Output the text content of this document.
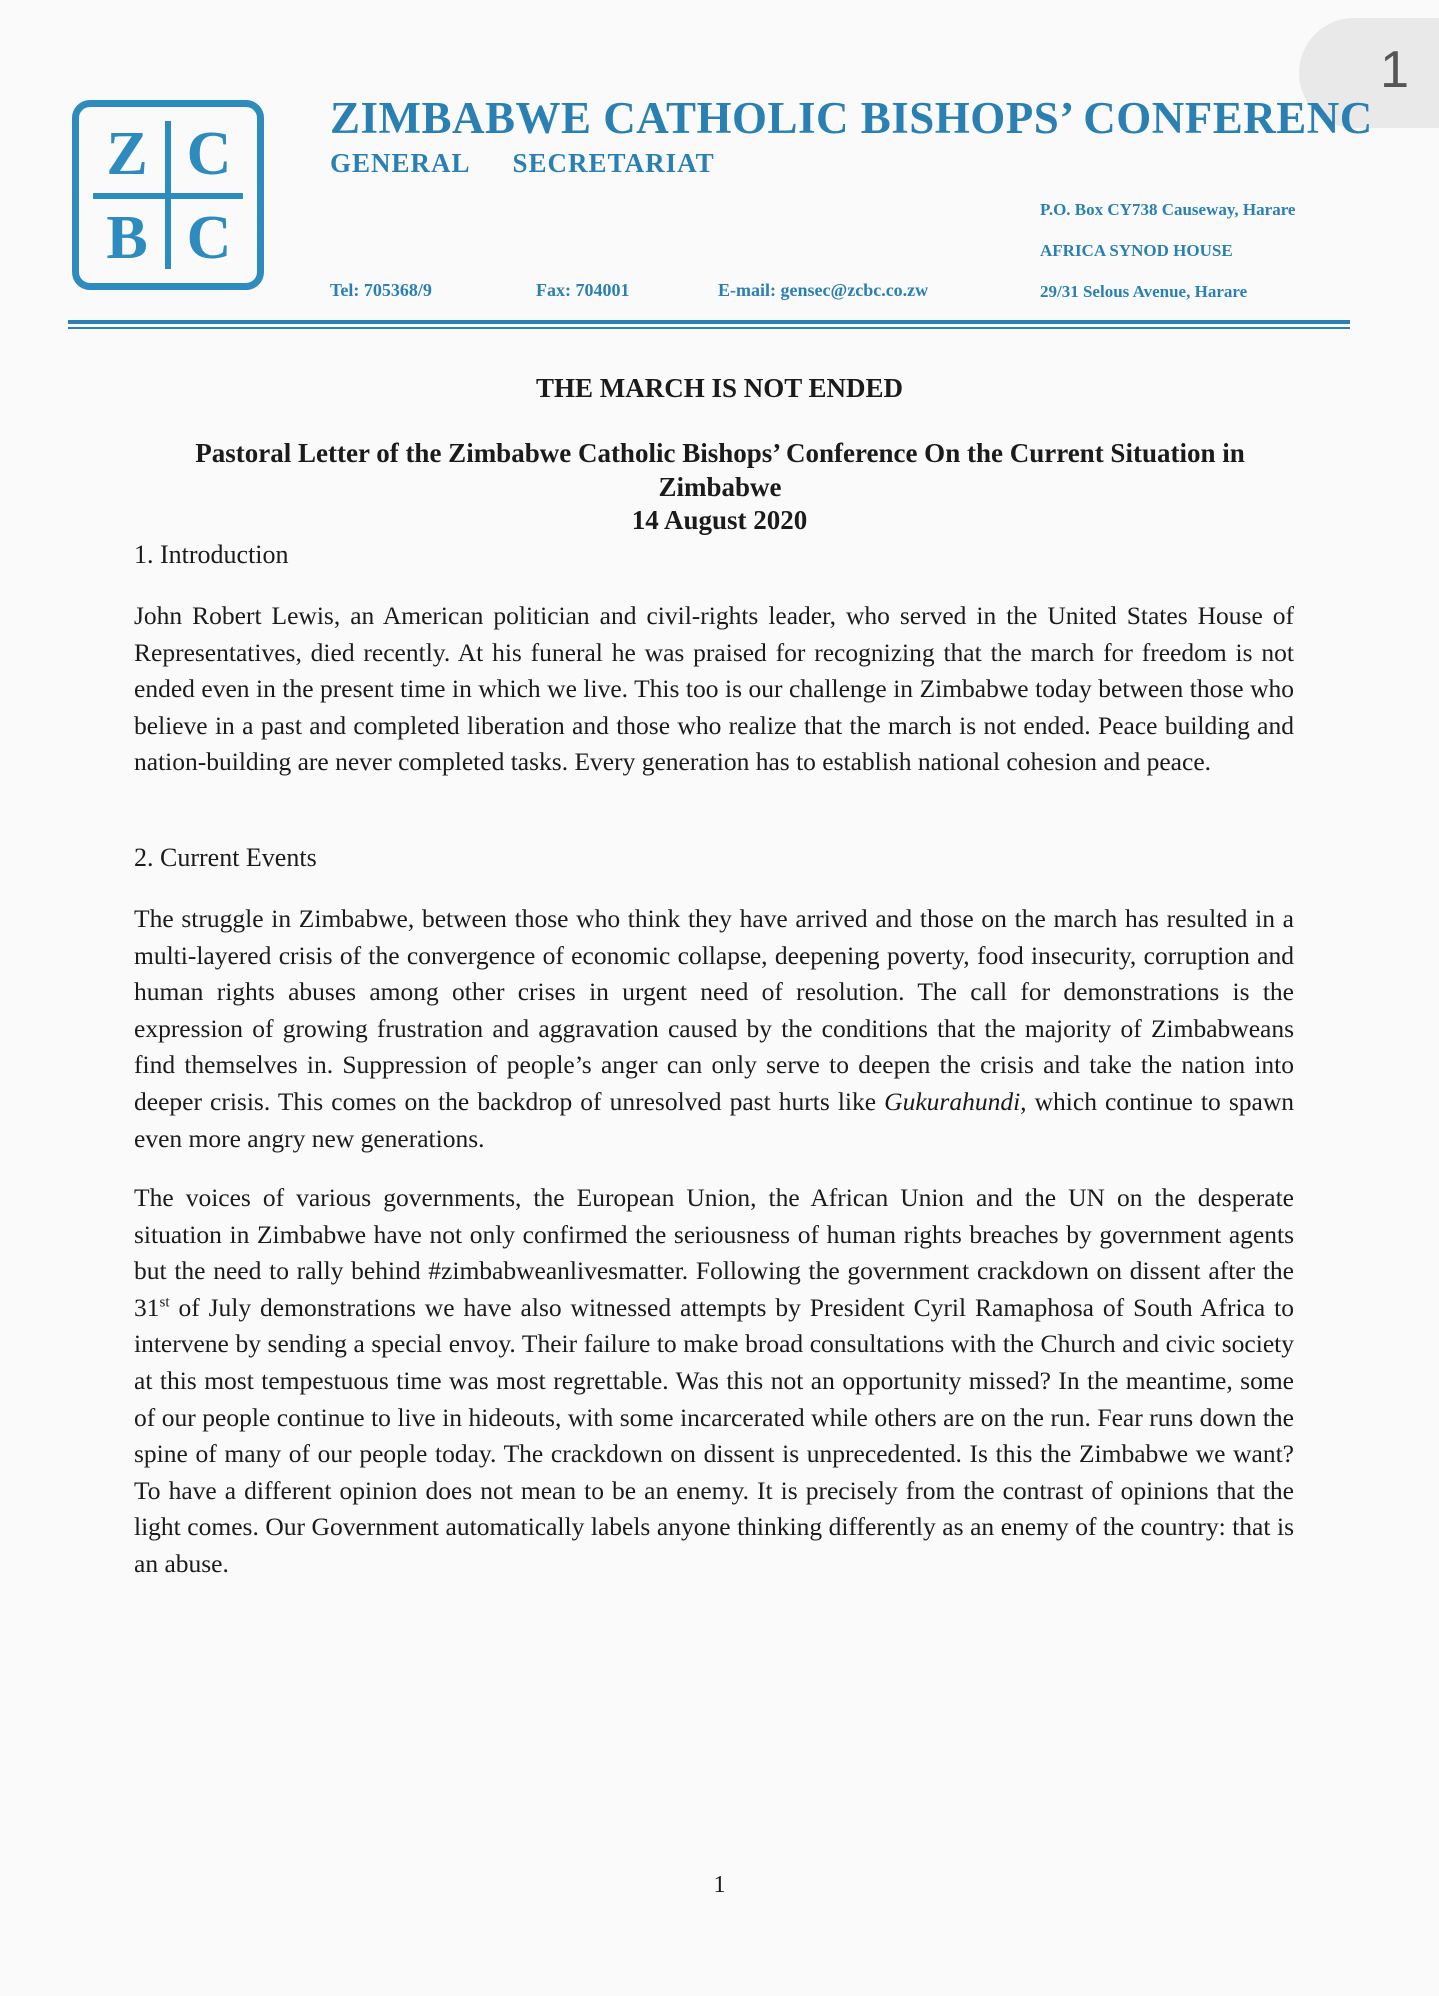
1
Z C
B C
ZIMBABWE CATHOLIC BISHOPS’ CONFERENC
GENERAL SECRETARIAT
P.O. Box CY738 Causeway, Harare
AFRICA SYNOD HOUSE
29/31 Selous Avenue, Harare
Tel: 705368/9	Fax: 704001	E-mail: gensec@zcbc.co.zw
THE MARCH IS NOT ENDED
Pastoral Letter of the Zimbabwe Catholic Bishops’ Conference On the Current Situation in Zimbabwe
14 August 2020
1. Introduction
John Robert Lewis, an American politician and civil-rights leader, who served in the United States House of Representatives, died recently. At his funeral he was praised for recognizing that the march for freedom is not ended even in the present time in which we live. This too is our challenge in Zimbabwe today between those who believe in a past and completed liberation and those who realize that the march is not ended. Peace building and nation-building are never completed tasks. Every generation has to establish national cohesion and peace.
2. Current Events
The struggle in Zimbabwe, between those who think they have arrived and those on the march has resulted in a multi-layered crisis of the convergence of economic collapse, deepening poverty, food insecurity, corruption and human rights abuses among other crises in urgent need of resolution. The call for demonstrations is the expression of growing frustration and aggravation caused by the conditions that the majority of Zimbabweans find themselves in. Suppression of people’s anger can only serve to deepen the crisis and take the nation into deeper crisis. This comes on the backdrop of unresolved past hurts like Gukurahundi, which continue to spawn even more angry new generations.
The voices of various governments, the European Union, the African Union and the UN on the desperate situation in Zimbabwe have not only confirmed the seriousness of human rights breaches by government agents but the need to rally behind #zimbabweanlivesmatter. Following the government crackdown on dissent after the 31st of July demonstrations we have also witnessed attempts by President Cyril Ramaphosa of South Africa to intervene by sending a special envoy. Their failure to make broad consultations with the Church and civic society at this most tempestuous time was most regrettable. Was this not an opportunity missed? In the meantime, some of our people continue to live in hideouts, with some incarcerated while others are on the run. Fear runs down the spine of many of our people today. The crackdown on dissent is unprecedented. Is this the Zimbabwe we want? To have a different opinion does not mean to be an enemy. It is precisely from the contrast of opinions that the light comes. Our Government automatically labels anyone thinking differently as an enemy of the country: that is an abuse.
1
